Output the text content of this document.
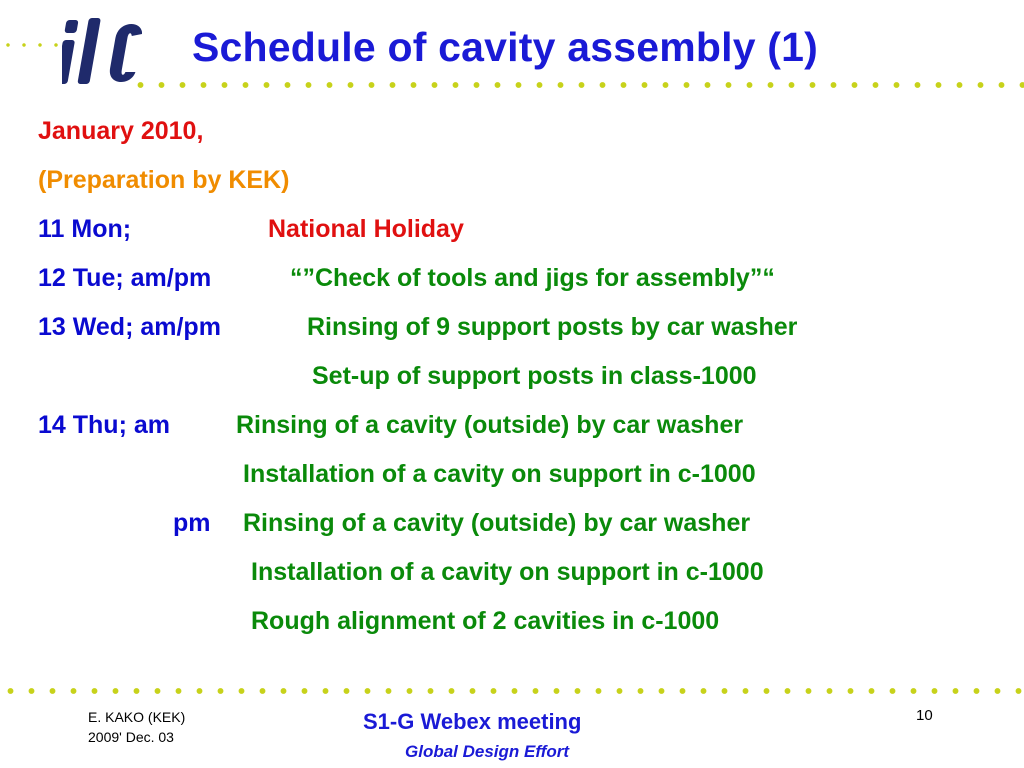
Schedule of cavity assembly (1)
January 2010,
(Preparation by KEK)
11 Mon;	National Holiday
12 Tue; am/pm	“”Check of tools and jigs for assembly”“
13 Wed; am/pm	Rinsing of 9 support posts by car washer
Set-up of support posts in class-1000
14 Thu; am	Rinsing of a cavity (outside) by car washer
Installation of a cavity on support in c-1000
pm Rinsing of a cavity (outside) by car washer
Installation of a cavity on support in c-1000
Rough alignment of 2 cavities in c-1000
E. KAKO (KEK)
2009' Dec. 03
S1-G Webex meeting
Global Design Effort
10
